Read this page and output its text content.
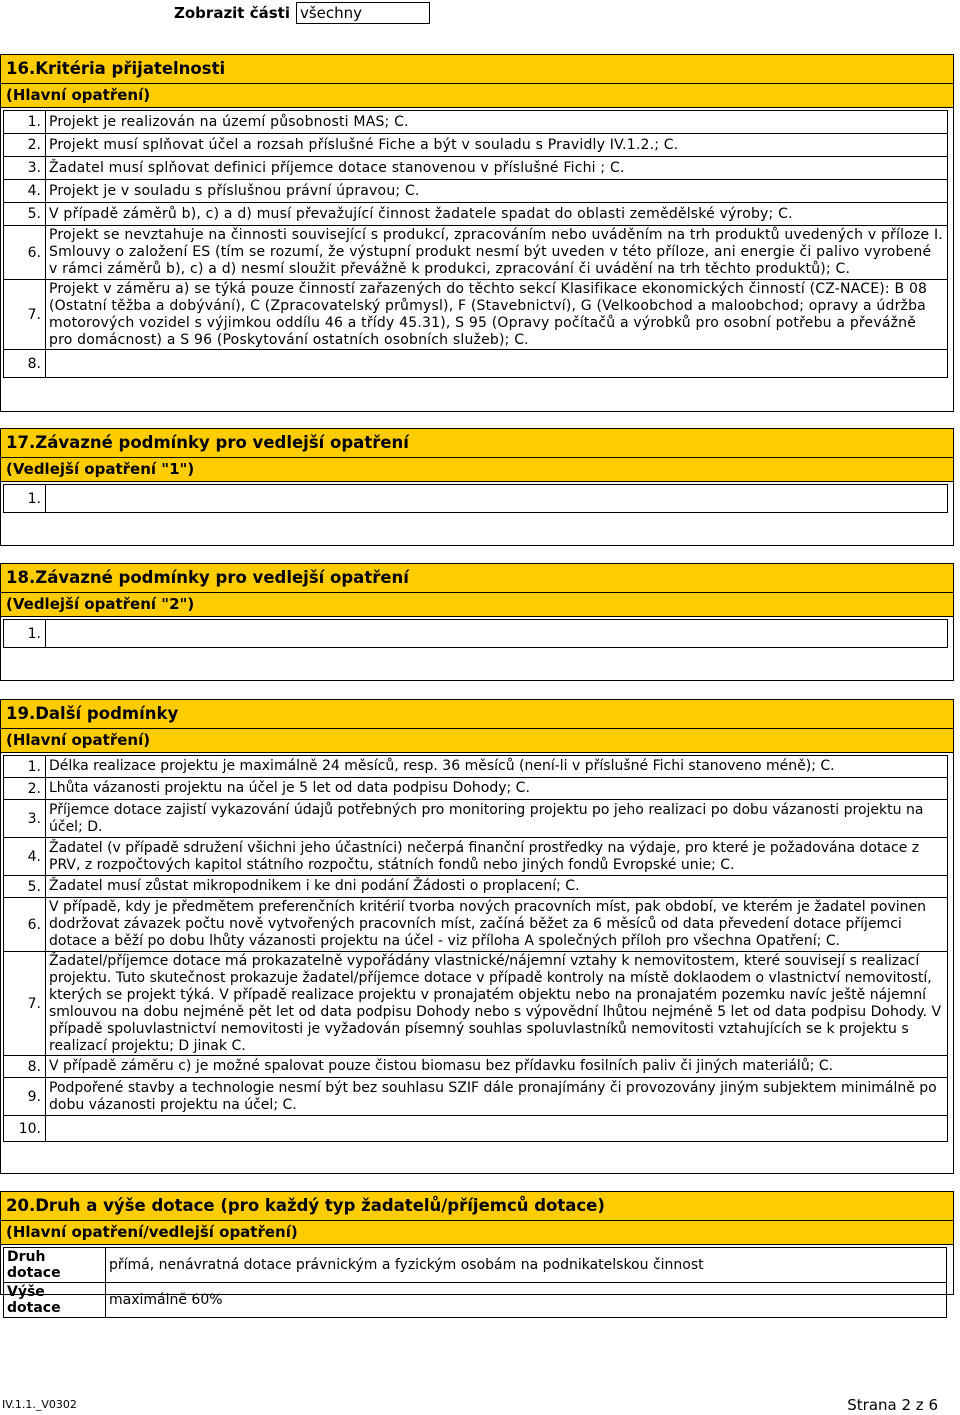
Zobrazit části všechny
16.Kritéria přijatelnosti
(Hlavní opatření)
1.	Projekt je realizován na území působnosti MAS; C.
2.	Projekt musí splňovat účel a rozsah příslušné Fiche a být v souladu s Pravidly IV.1.2.; C.
3.	Žadatel musí splňovat definici příjemce dotace stanovenou v příslušné Fichi ; C.
4.	Projekt je v souladu s příslušnou právní úpravou; C.
5.	V případě záměrů b), c) a d) musí převažující činnost žadatele spadat do oblasti zemědělské výroby; C.
6.	Projekt se nevztahuje na činnosti související s produkcí, zpracováním nebo uváděním na trh produktů uvedených v příloze I. Smlouvy o založení ES (tím se rozumí, že výstupní produkt nesmí být uveden v této příloze, ani energie či palivo vyrobené v rámci záměrů b), c) a d) nesmí sloužit převážně k produkci, zpracování či uvádění na trh těchto produktů); C.
7.	Projekt v záměru a) se týká pouze činností zařazených do těchto sekcí Klasifikace ekonomických činností (CZ-NACE): B 08 (Ostatní těžba a dobývání), C (Zpracovatelský průmysl), F (Stavebnictví), G (Velkoobchod a maloobchod; opravy a údržba motorových vozidel s výjimkou oddílu 46 a třídy 45.31), S 95 (Opravy počítačů a výrobků pro osobní potřebu a převážně pro domácnost) a S 96 (Poskytování ostatních osobních služeb); C.
8.	
17.Závazné podmínky pro vedlejší opatření
(Vedlejší opatření "1")
1.	
18.Závazné podmínky pro vedlejší opatření
(Vedlejší opatření "2")
1.	
19.Další podmínky
(Hlavní opatření)
1.	Délka realizace projektu je maximálně 24 měsíců, resp. 36 měsíců (není-li v příslušné Fichi stanoveno méně); C.
2.	Lhůta vázanosti projektu na účel je 5 let od data podpisu Dohody; C.
3.	Příjemce dotace zajistí vykazování údajů potřebných pro monitoring projektu po jeho realizaci po dobu vázanosti projektu na účel; D.
4.	Žadatel (v případě sdružení všichni jeho účastníci) nečerpá finanční prostředky na výdaje, pro které je požadována dotace z PRV, z rozpočtových kapitol státního rozpočtu, státních fondů nebo jiných fondů Evropské unie; C.
5.	Žadatel musí zůstat mikropodnikem i ke dni podání Žádosti o proplacení; C.
6.	V případě, kdy je předmětem preferenčních kritérií tvorba nových pracovních míst, pak období, ve kterém je žadatel povinen dodržovat závazek počtu nově vytvořených pracovních míst, začíná běžet za 6 měsíců od data převedení dotace příjemci dotace a běží po dobu lhůty vázanosti projektu na účel - viz příloha A společných příloh pro všechna Opatření; C.
7.	Žadatel/příjemce dotace má prokazatelně vypořádány vlastnické/nájemní vztahy k nemovitostem, které souvisejí s realizací projektu. Tuto skutečnost prokazuje žadatel/příjemce dotace v případě kontroly na místě doklaodem o vlastnictví nemovitostí, kterých se projekt týká. V případě realizace projektu v pronajatém objektu nebo na pronajatém pozemku navíc ještě nájemní smlouvou na dobu nejméně pět let od data podpisu Dohody nebo s výpovědní lhůtou nejméně 5 let od data podpisu Dohody. V případě spoluvlastnictví nemovitosti je vyžadován písemný souhlas spoluvlastníků nemovitosti vztahujících se k projektu s realizací projektu; D jinak C.
8.	V případě záměru c) je možné spalovat pouze čistou biomasu bez přídavku fosilních paliv či jiných materiálů; C.
9.	Podpořené stavby a technologie nesmí být bez souhlasu SZIF dále pronajímány či provozovány jiným subjektem minimálně po dobu vázanosti projektu na účel; C.
10.	
20.Druh a výše dotace (pro každý typ žadatelů/příjemců dotace)
(Hlavní opatření/vedlejší opatření)
Druh dotace	přímá, nenávratná dotace právnickým a fyzickým osobám na podnikatelskou činnost
Výše dotace	maximálně 60%
IV.1.1._V0302	Strana 2 z 6
